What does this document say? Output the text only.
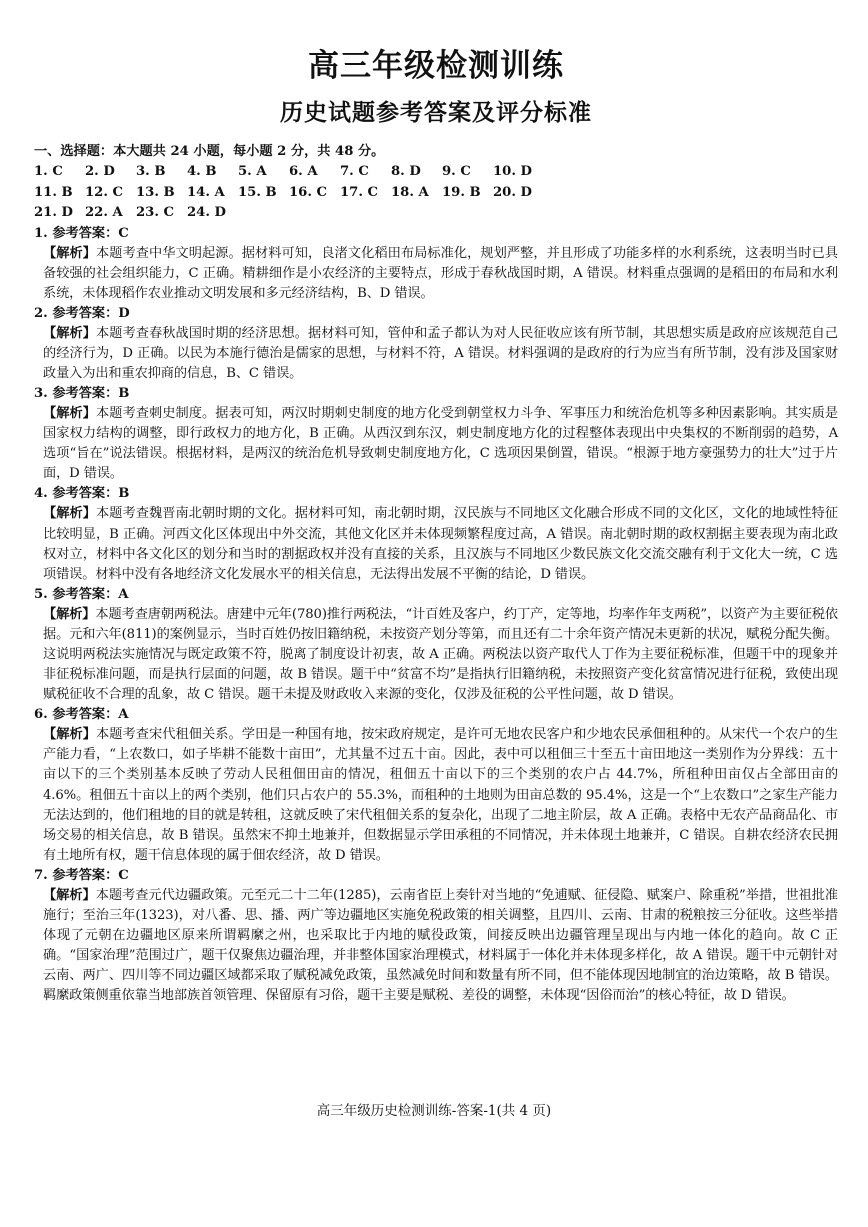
高三年级检测训练
历史试题参考答案及评分标准
一、选择题：本大题共 24 小题，每小题 2 分，共 48 分。
1. C	2. D	3. B	4. B	5. A	6. A	7. C	8. D	9. C	10. D
11. B 12. C 13. B 14. A	15. B 16. C 17. C 18. A	19. B 20. D
21. D 22. A	23. C 24. D
1. 参考答案：C
【解析】本题考查中华文明起源。据材料可知，良渚文化稻田布局标准化，规划严整，并且形成了功能多样的水利系统，这表明当时已具备较强的社会组织能力，C 正确。精耕细作是小农经济的主要特点，形成于春秋战国时期，A 错误。材料重点强调的是稻田的布局和水利系统，未体现稻作农业推动文明发展和多元经济结构，B、D 错误。
2. 参考答案：D
【解析】本题考查春秋战国时期的经济思想。据材料可知，管仲和孟子都认为对人民征收应该有所节制，其思想实质是政府应该规范自己的经济行为，D 正确。以民为本施行德治是儒家的思想，与材料不符，A 错误。材料强调的是政府的行为应当有所节制，没有涉及国家财政量入为出和重农抑商的信息，B、C 错误。
3. 参考答案：B
【解析】本题考查刺史制度。据表可知，两汉时期刺史制度的地方化受到朝堂权力斗争、军事压力和统治危机等多种因素影响。其实质是国家权力结构的调整，即行政权力的地方化，B 正确。从西汉到东汉，刺史制度地方化的过程整体表现出中央集权的不断削弱的趋势，A 选项“旨在”说法错误。根据材料，是两汉的统治危机导致刺史制度地方化，C 选项因果倒置，错误。“根源于地方豪强势力的壮大”过于片面，D 错误。
4. 参考答案：B
【解析】本题考查魏晋南北朝时期的文化。据材料可知，南北朝时期，汉民族与不同地区文化融合形成不同的文化区，文化的地域性特征比较明显，B 正确。河西文化区体现出中外交流，其他文化区并未体现频繁程度过高，A 错误。南北朝时期的政权割据主要表现为南北政权对立，材料中各文化区的划分和当时的割据政权并没有直接的关系，且汉族与不同地区少数民族文化交流交融有利于文化大一统，C 选项错误。材料中没有各地经济文化发展水平的相关信息，无法得出发展不平衡的结论，D 错误。
5. 参考答案：A
【解析】本题考查唐朝两税法。唐建中元年(780)推行两税法，“计百姓及客户，约丁产，定等地，均率作年支两税”，以资产为主要征税依据。元和六年(811)的案例显示，当时百姓仍按旧籍纳税，未按资产划分等第，而且还有二十余年资产情况未更新的状况，赋税分配失衡。这说明两税法实施情况与既定政策不符，脱离了制度设计初衷，故 A 正确。两税法以资产取代人丁作为主要征税标准，但题干中的现象并非征税标准问题，而是执行层面的问题，故 B 错误。题干中“贫富不均”是指执行旧籍纳税，未按照资产变化贫富情况进行征税，致使出现赋税征收不合理的乱象，故 C 错误。题干未提及财政收入来源的变化，仅涉及征税的公平性问题，故 D 错误。
6. 参考答案：A
【解析】本题考查宋代租佃关系。学田是一种国有地，按宋政府规定，是许可无地农民客户和少地农民承佃租种的。从宋代一个农户的生产能力看，“上农数口，如子毕耕不能数十亩田”，尤其量不过五十亩。因此，表中可以租佃三十至五十亩田地这一类别作为分界线：五十亩以下的三个类别基本反映了劳动人民租佃田亩的情况，租佃五十亩以下的三个类别的农户占 44.7%，所租种田亩仅占全部田亩的 4.6%。租佃五十亩以上的两个类别，他们只占农户的 55.3%，而租种的土地则为田亩总数的 95.4%，这是一个“上农数口”之家生产能力无法达到的，他们租地的目的就是转租，这就反映了宋代租佃关系的复杂化，出现了二地主阶层，故 A 正确。表格中无农产品商品化、市场交易的相关信息，故 B 错误。虽然宋不抑土地兼并，但数据显示学田承租的不同情况，并未体现土地兼并，C 错误。自耕农经济农民拥有土地所有权，题干信息体现的属于佃农经济，故 D 错误。
7. 参考答案：C
【解析】本题考查元代边疆政策。元至元二十二年(1285)，云南省臣上奏针对当地的“免逋赋、征侵隐、赋案户、除重税”举措，世祖批准施行；至治三年(1323)，对八番、思、播、两广等边疆地区实施免税政策的相关调整，且四川、云南、甘肃的税粮按三分征收。这些举措体现了元朝在边疆地区原来所谓羁縻之州，也采取比于内地的赋役政策，间接反映出边疆管理呈现出与内地一体化的趋向。故 C 正确。“国家治理”范围过广，题干仅聚焦边疆治理，并非整体国家治理模式，材料属于一体化并未体现多样化，故 A 错误。题干中元朝针对云南、两广、四川等不同边疆区域都采取了赋税减免政策，虽然减免时间和数量有所不同，但不能体现因地制宜的治边策略，故 B 错误。羁縻政策侧重依靠当地部族首领管理、保留原有习俗，题干主要是赋税、差役的调整，未体现“因俗而治”的核心特征，故 D 错误。
高三年级历史检测训练-答案-1(共 4 页)
